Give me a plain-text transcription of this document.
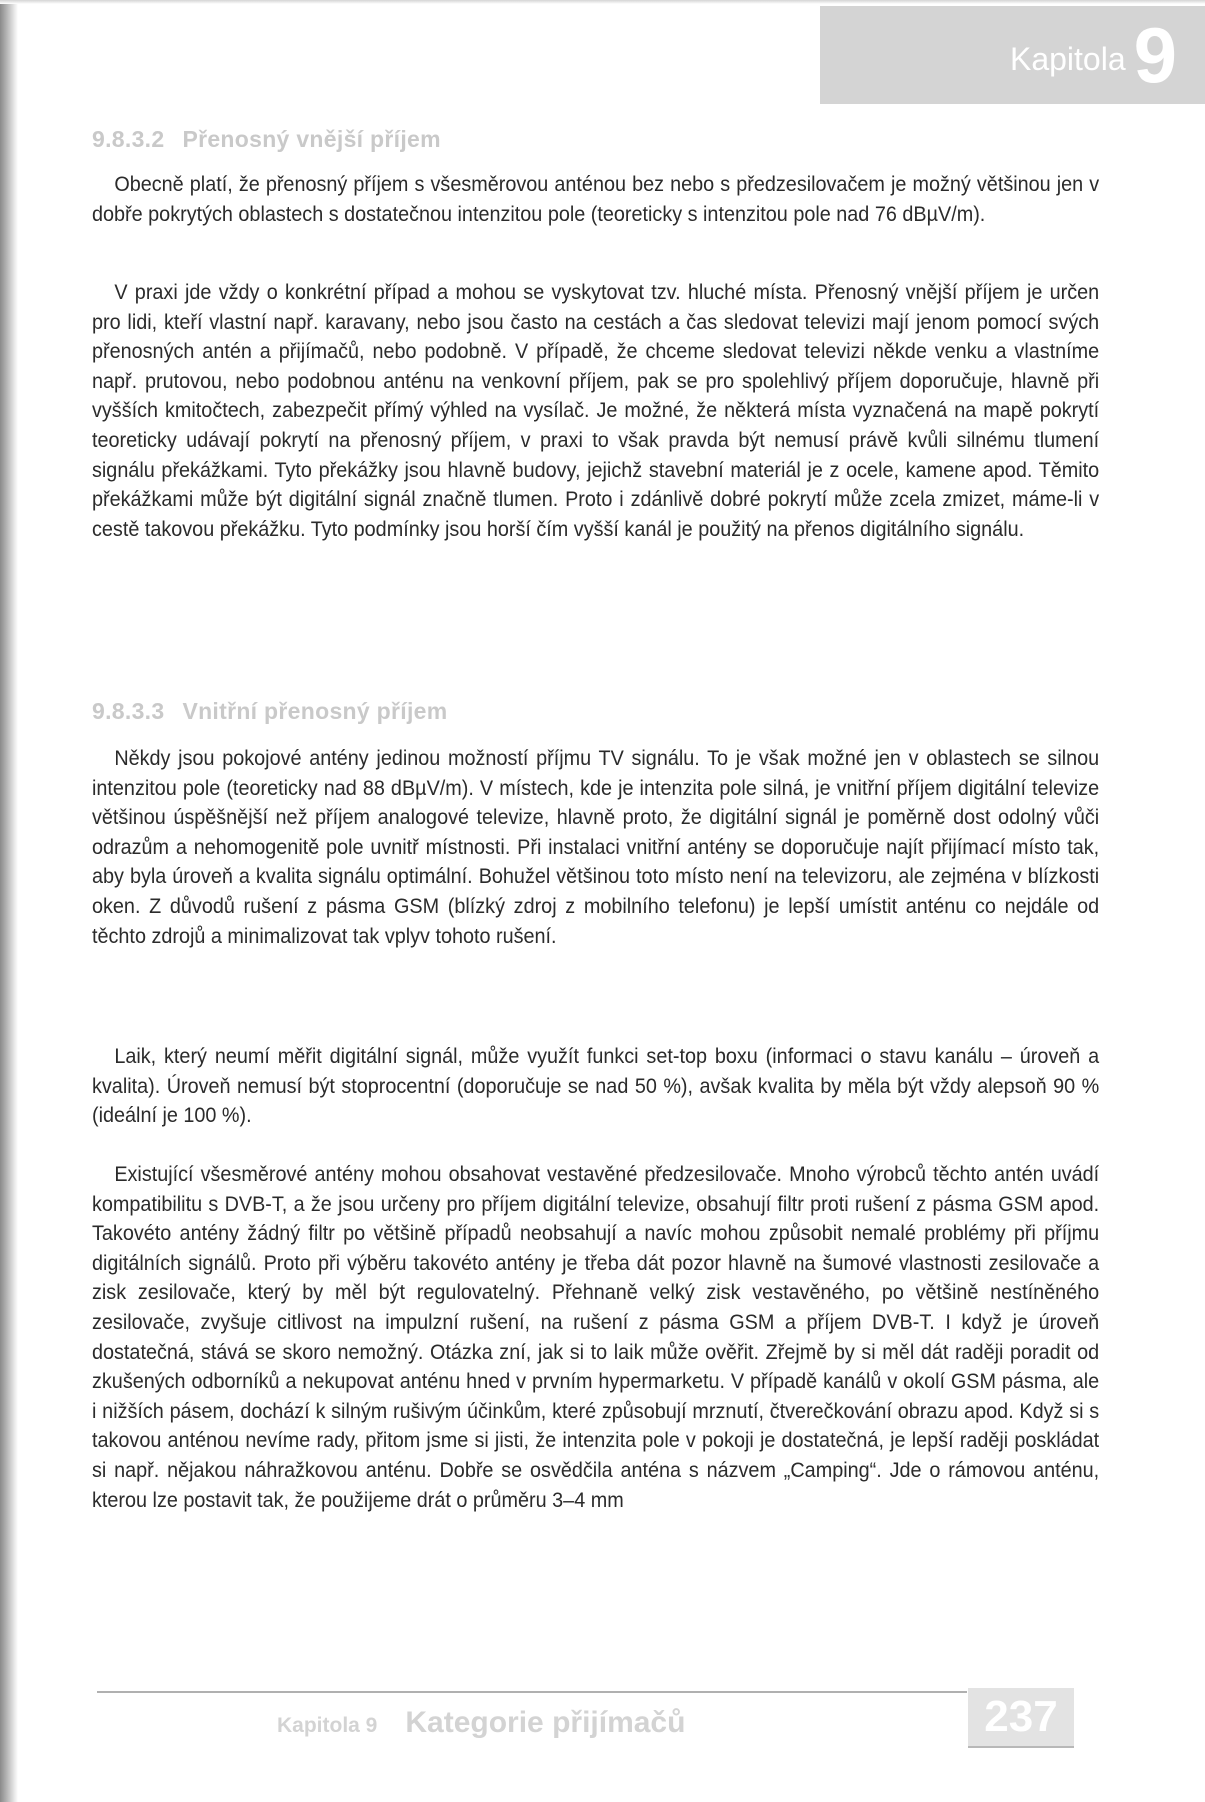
Kapitola 9
9.8.3.2 Přenosný vnější příjem

Obecně platí, že přenosný příjem s všesměrovou anténou bez nebo s předzesilovačem je možný většinou jen v dobře pokrytých oblastech s dostatečnou intenzitou pole (teoreticky s intenzitou pole nad 76 dBµV/m).

V praxi jde vždy o konkrétní případ a mohou se vyskytovat tzv. hluché místa. Přenosný vnější příjem je určen pro lidi, kteří vlastní např. karavany, nebo jsou často na cestách a čas sledovat televizi mají jenom pomocí svých přenosných antén a přijímačů, nebo podobně. V případě, že chceme sledovat televizi někde venku a vlastníme např. prutovou, nebo podobnou anténu na venkovní příjem, pak se pro spolehlivý příjem doporučuje, hlavně při vyšších kmitočtech, zabezpečit přímý výhled na vysílač. Je možné, že některá místa vyznačená na mapě pokrytí teoreticky udávají pokrytí na přenosný příjem, v praxi to však pravda být nemusí právě kvůli silnému tlumení signálu překážkami. Tyto překážky jsou hlavně budovy, jejichž stavební materiál je z ocele, kamene apod. Těmito překážkami může být digitální signál značně tlumen. Proto i zdánlivě dobré pokrytí může zcela zmizet, máme-li v cestě takovou překážku. Tyto podmínky jsou horší čím vyšší kanál je použitý na přenos digitálního signálu.

9.8.3.3 Vnitřní přenosný příjem

Někdy jsou pokojové antény jedinou možností příjmu TV signálu. To je však možné jen v oblastech se silnou intenzitou pole (teoreticky nad 88 dBµV/m). V místech, kde je intenzita pole silná, je vnitřní příjem digitální televize většinou úspěšnější než příjem analogové televize, hlavně proto, že digitální signál je poměrně dost odolný vůči odrazům a nehomogenitě pole uvnitř místnosti. Při instalaci vnitřní antény se doporučuje najít přijímací místo tak, aby byla úroveň a kvalita signálu optimální. Bohužel většinou toto místo není na televizoru, ale zejména v blízkosti oken. Z důvodů rušení z pásma GSM (blízký zdroj z mobilního telefonu) je lepší umístit anténu co nejdále od těchto zdrojů a minimalizovat tak vplyv tohoto rušení.

Laik, který neumí měřit digitální signál, může využít funkci set-top boxu (informaci o stavu kanálu – úroveň a kvalita). Úroveň nemusí být stoprocentní (doporučuje se nad 50 %), avšak kvalita by měla být vždy alepsoň 90 % (ideální je 100 %).

Existující všesměrové antény mohou obsahovat vestavěné předzesilovače. Mnoho výrobců těchto antén uvádí kompatibilitu s DVB-T, a že jsou určeny pro příjem digitální televize, obsahují filtr proti rušení z pásma GSM apod. Takovéto antény žádný filtr po většině případů neobsahují a navíc mohou způsobit nemalé problémy při příjmu digitálních signálů. Proto při výběru takovéto antény je třeba dát pozor hlavně na šumové vlastnosti zesilovače a zisk zesilovače, který by měl být regulovatelný. Přehnaně velký zisk vestavěného, po většině nestíněného zesilovače, zvyšuje citlivost na impulzní rušení, na rušení z pásma GSM a příjem DVB-T. I když je úroveň dostatečná, stává se skoro nemožný. Otázka zní, jak si to laik může ověřit. Zřejmě by si měl dát raději poradit od zkušených odborníků a nekupovat anténu hned v prvním hypermarketu. V případě kanálů v okolí GSM pásma, ale i nižších pásem, dochází k silným rušivým účinkům, které způsobují mrznutí, čtverečkování obrazu apod. Když si s takovou anténou nevíme rady, přitom jsme si jisti, že intenzita pole v pokoji je dostatečná, je lepší raději poskládat si např. nějakou náhražkovou anténu. Dobře se osvědčila anténa s názvem „Camping“. Jde o rámovou anténu, kterou lze postavit tak, že použijeme drát o průměru 3–4 mm

Kapitola 9 Kategorie přijímačů	237
